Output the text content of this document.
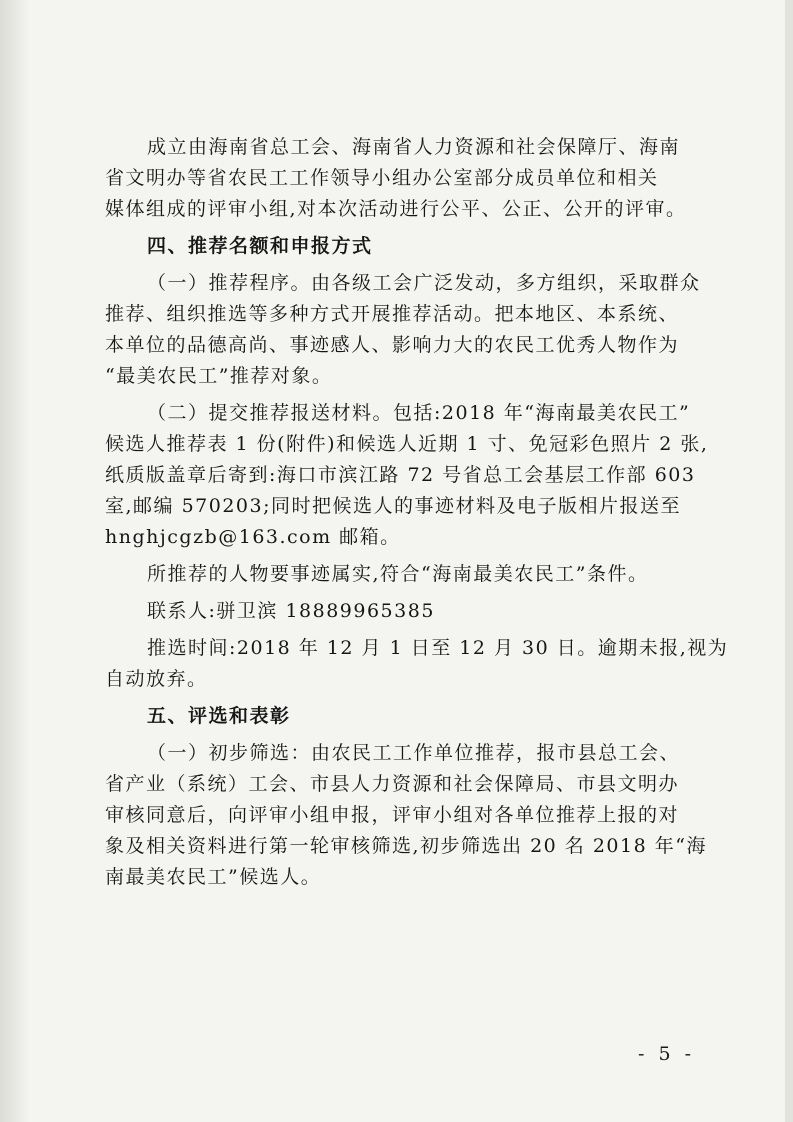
成立由海南省总工会、海南省人力资源和社会保障厅、海南
省文明办等省农民工工作领导小组办公室部分成员单位和相关
媒体组成的评审小组,对本次活动进行公平、公正、公开的评审。
四、推荐名额和申报方式
（一）推荐程序。由各级工会广泛发动，多方组织，采取群众
推荐、组织推选等多种方式开展推荐活动。把本地区、本系统、
本单位的品德高尚、事迹感人、影响力大的农民工优秀人物作为
“最美农民工”推荐对象。
（二）提交推荐报送材料。包括:2018 年“海南最美农民工”
候选人推荐表 1 份(附件)和候选人近期 1 寸、免冠彩色照片 2 张,
纸质版盖章后寄到:海口市滨江路 72 号省总工会基层工作部 603
室,邮编 570203;同时把候选人的事迹材料及电子版相片报送至
hnghjcgzb@163.com 邮箱。
所推荐的人物要事迹属实,符合“海南最美农民工”条件。
联系人:骈卫滨 18889965385
推选时间:2018 年 12 月 1 日至 12 月 30 日。逾期未报,视为
自动放弃。
五、评选和表彰
（一）初步筛选：由农民工工作单位推荐，报市县总工会、
省产业（系统）工会、市县人力资源和社会保障局、市县文明办
审核同意后，向评审小组申报，评审小组对各单位推荐上报的对
象及相关资料进行第一轮审核筛选,初步筛选出 20 名 2018 年“海
南最美农民工”候选人。
- 5 -
